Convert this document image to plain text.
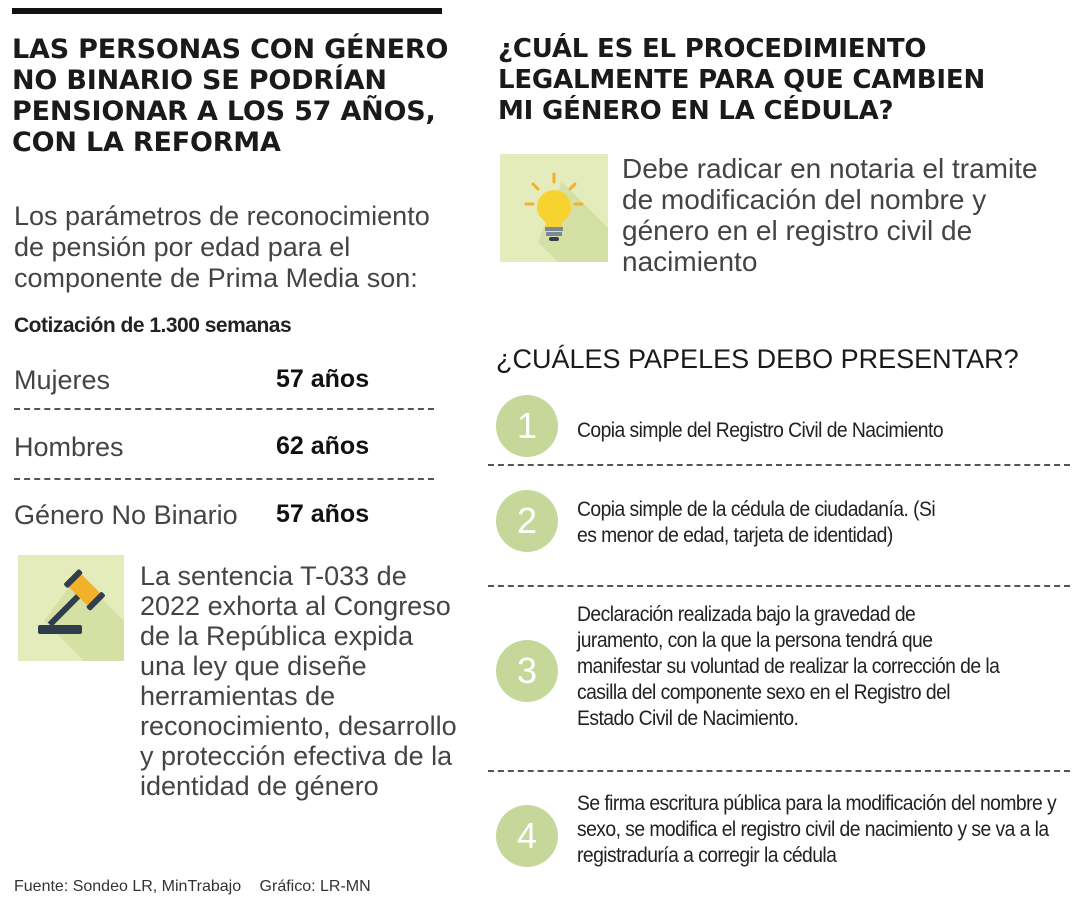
LAS PERSONAS CON GÉNERO NO BINARIO SE PODRÍAN PENSIONAR A LOS 57 AÑOS, CON LA REFORMA

Los parámetros de reconocimiento de pensión por edad para el componente de Prima Media son:

Cotización de 1.300 semanas
Mujeres	57 años
Hombres	62 años
Género No Binario 57 años

La sentencia T-033 de 2022 exhorta al Congreso de la República expida una ley que diseñe herramientas de reconocimiento, desarrollo y protección efectiva de la identidad de género

Fuente: Sondeo LR, MinTrabajo Gráfico: LR-MN
¿CUÁL ES EL PROCEDIMIENTO LEGALMENTE PARA QUE CAMBIEN MI GÉNERO EN LA CÉDULA?

Debe radicar en notaria el tramite de modificación del nombre y género en el registro civil de nacimiento

¿CUÁLES PAPELES DEBO PRESENTAR?
1	Copia simple del Registro Civil de Nacimiento

2	Copia simple de la cédula de ciudadanía. (Si es menor de edad, tarjeta de identidad)

3

Declaración realizada bajo la gravedad de juramento, con la que la persona tendrá que manifestar su voluntad de realizar la corrección de la casilla del componente sexo en el Registro del Estado Civil de Nacimiento.

4

Se firma escritura pública para la modificación del nombre y sexo, se modifica el registro civil de nacimiento y se va a la registraduría a corregir la cédula
